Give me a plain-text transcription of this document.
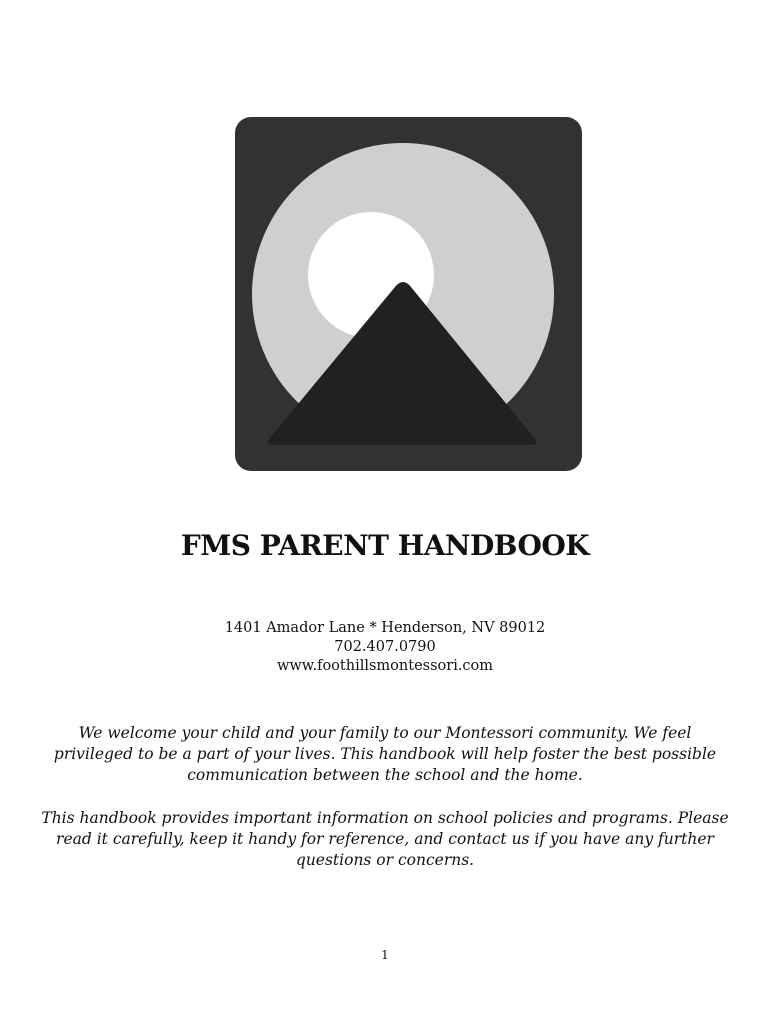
FMS PARENT HANDBOOK
1401 Amador Lane * Henderson, NV 89012
702.407.0790
www.foothillsmontessori.com

We welcome your child and your family to our Montessori community. We feel privileged to be a part of your lives. This handbook will help foster the best possible communication between the school and the home.

This handbook provides important information on school policies and programs. Please read it carefully, keep it handy for reference, and contact us if you have any further questions or concerns.

1
